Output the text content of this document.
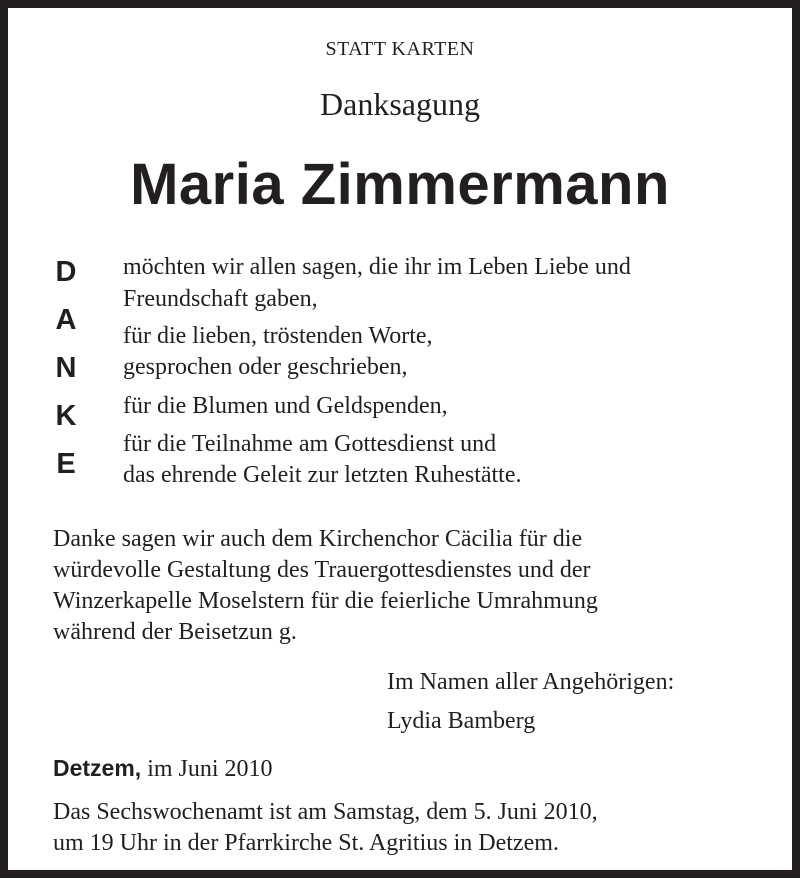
STATT KARTEN
Danksagung
Maria Zimmermann
D
A
N
K
E
möchten wir allen sagen, die ihr im Leben Liebe und
Freundschaft gaben,
für die lieben, tröstenden Worte,
gesprochen oder geschrieben,
für die Blumen und Geldspenden,
für die Teilnahme am Gottesdienst und
das ehrende Geleit zur letzten Ruhestätte.
Danke sagen wir auch dem Kirchenchor Cäcilia für die
würdevolle Gestaltung des Trauergottesdienstes und der
Winzerkapelle Moselstern für die feierliche Umrahmung
während der Beisetzun g.
Im Namen aller Angehörigen:
Lydia Bamberg
Detzem, im Juni 2010
Das Sechswochenamt ist am Samstag, dem 5. Juni 2010,
um 19 Uhr in der Pfarrkirche St. Agritius in Detzem.
